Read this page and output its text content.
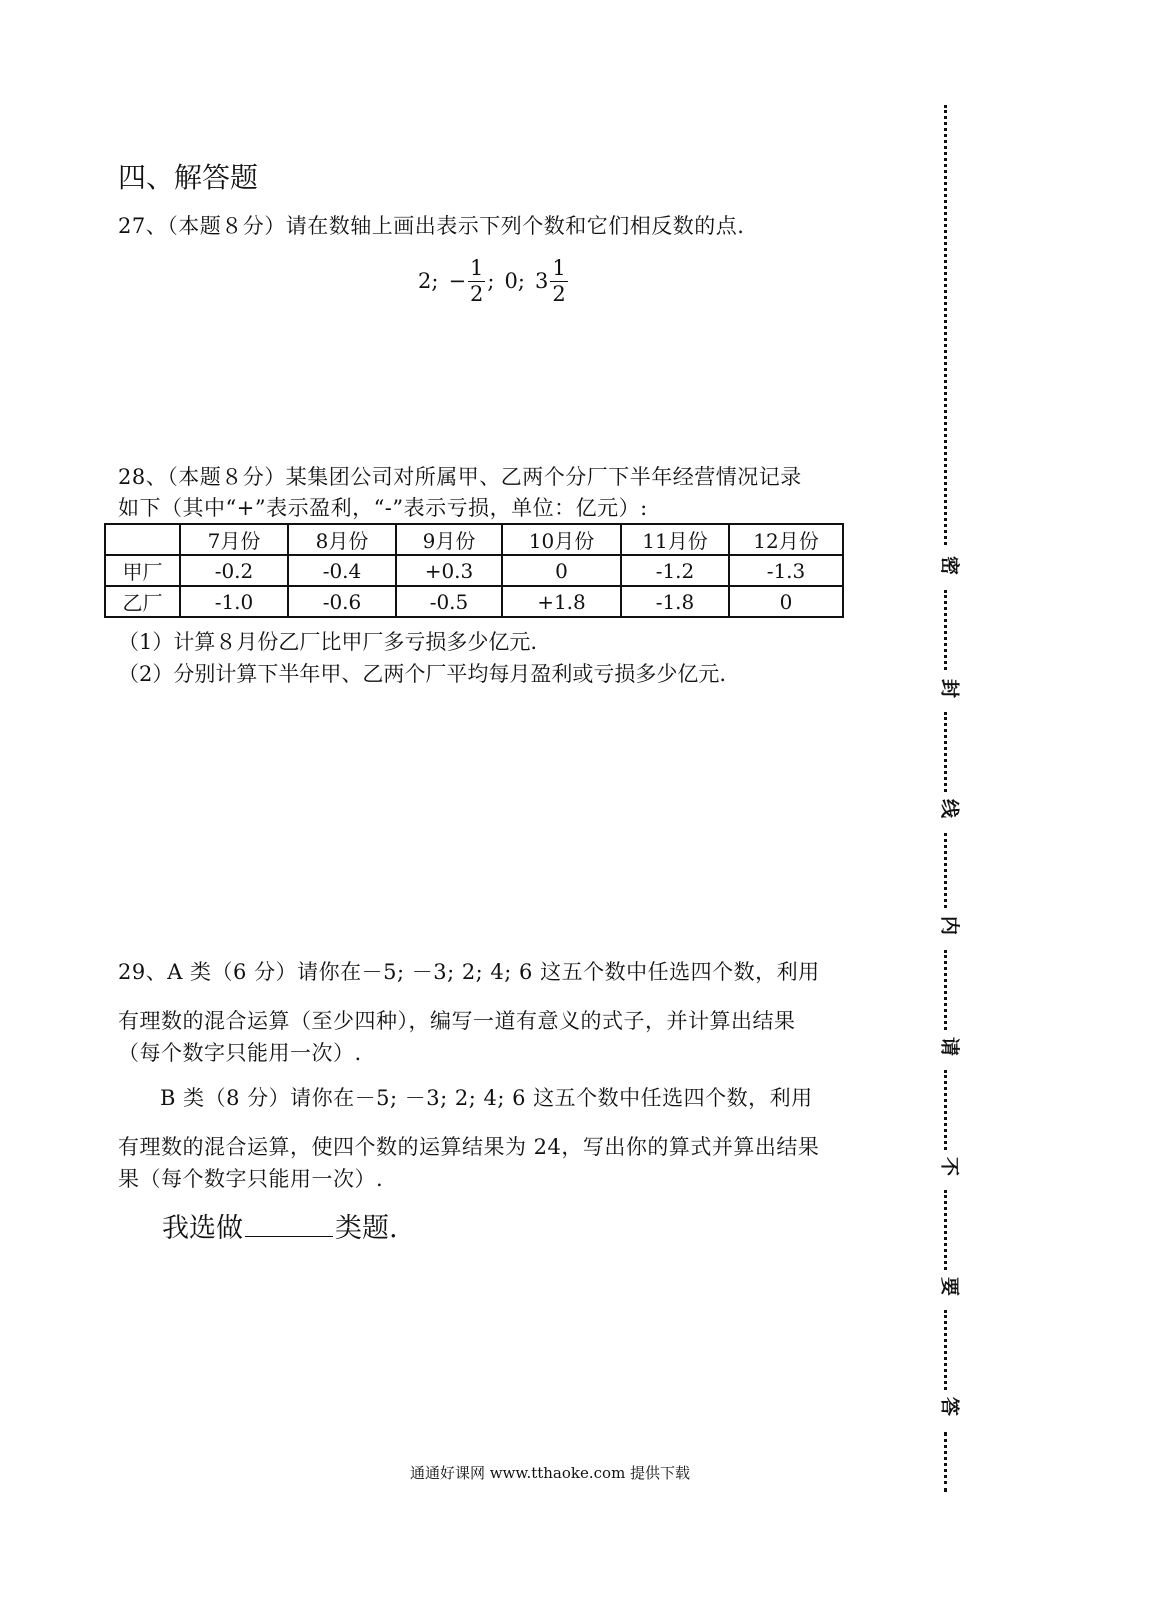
四、解答题
27、（本题８分）请在数轴上画出表示下列个数和它们相反数的点.
2; − $\frac{1}{2}$ ; 0; $3 \frac{1}{2}$
28、（本题８分）某集团公司对所属甲、乙两个分厂下半年经营情况记录
如下（其中“+”表示盈利，“-”表示亏损，单位：亿元）:
	7月份	8月份	9月份	10月份	11月份	12月份
甲厂	-0.2	-0.4	+0.3	0	-1.2	-1.3
乙厂	-1.0	-0.6	-0.5	+1.8	-1.8	0
（1）计算８月份乙厂比甲厂多亏损多少亿元.
（2）分别计算下半年甲、乙两个厂平均每月盈利或亏损多少亿元.
29、A 类（6 分）请你在－5; －3; 2; 4; 6 这五个数中任选四个数，利用
有理数的混合运算（至少四种），编写一道有意义的式子，并计算出结果
（每个数字只能用一次）.
B 类（8 分）请你在－5; －3; 2; 4; 6 这五个数中任选四个数，利用
有理数的混合运算，使四个数的运算结果为 24，写出你的算式并算出结果
果（每个数字只能用一次）.
我选做	类题.
通通好课网 www.tthaoke.com 提供下载
密
封
线
内
请
不
要
答
